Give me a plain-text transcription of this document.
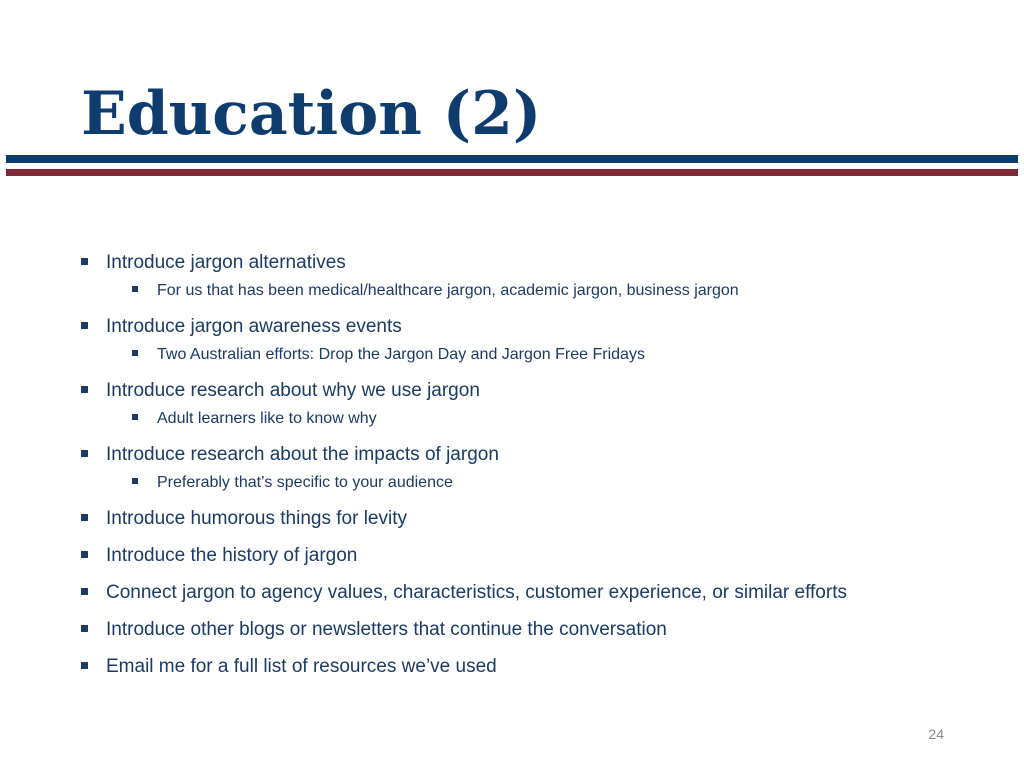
Education (2)
Introduce jargon alternatives
For us that has been medical/healthcare jargon, academic jargon, business jargon
Introduce jargon awareness events
Two Australian efforts: Drop the Jargon Day and Jargon Free Fridays
Introduce research about why we use jargon
Adult learners like to know why
Introduce research about the impacts of jargon
Preferably that’s specific to your audience
Introduce humorous things for levity
Introduce the history of jargon
Connect jargon to agency values, characteristics, customer experience, or similar efforts
Introduce other blogs or newsletters that continue the conversation
Email me for a full list of resources we’ve used
24
